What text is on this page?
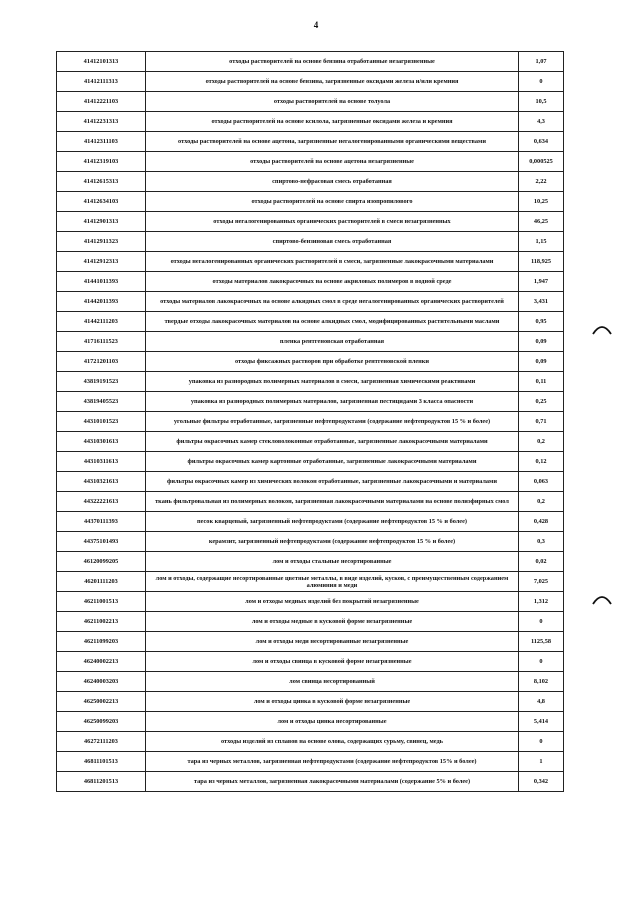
4
41412101313	отходы растворителей на основе бензина отработанные незагрязненные	1,07
41412111313	отходы растворителей на основе бензина, загрязненные оксидами железа и/или кремния	0
41412221103	отходы растворителей на основе толуола	10,5
41412231313	отходы растворителей на основе ксилола, загрязненные оксидами железа и кремния	4,3
41412311103	отходы растворителей на основе ацетона, загрязненные негалогенированными органическими веществами	0,634
41412319103	отходы растворителей на основе ацетона незагрязненные	0,000525
41412615313	спиртово-нефрасовая смесь отработанная	2,22
41412634103	отходы растворителей на основе спирта изопропилового	10,25
41412901313	отходы негалогенированных органических растворителей в смеси незагрязненных	46,25
41412911323	спиртово-бензиновая смесь отработанная	1,15
41412912313	отходы негалогенированных органических растворителей в смеси, загрязненные лакокрасочными материалами	118,925
41441011393	отходы материалов лакокрасочных на основе акриловых полимеров в водной среде	1,947
41442011393	отходы материалов лакокрасочных на основе алкидных смол в среде негалогенированных органических растворителей	3,431
41442111203	твердые отходы лакокрасочных материалов на основе алкидных смол, модифицированных растительными маслами	0,95
41716111523	пленка рентгеновская отработанная	0,09
41721201103	отходы фиксажных растворов при обработке рентгеновской пленки	0,09
43819191523	упаковка из разнородных полимерных материалов в смеси, загрязненная химическими реактивами	0,11
43819405523	упаковка из разнородных полимерных материалов, загрязненная пестицидами 3 класса опасности	0,25
44310101523	угольные фильтры отработанные, загрязненные нефтепродуктами (содержание нефтепродуктов 15 % и более)	0,71
44310301613	фильтры окрасочных камер стекловолоконные отработанные, загрязненные лакокрасочными материалами	0,2
44310311613	фильтры окрасочных камер картонные отработанные, загрязненные лакокрасочными материалами	0,12
44310321613	фильтры окрасочных камер из химических волокон отработанные, загрязненные лакокрасочными и материалами	0,063
44322221613	ткань фильтровальная из полимерных волокон, загрязненная лакокрасочными материалами на основе полиэфирных смол	0,2
44370111393	песок кварцевый, загрязненный нефтепродуктами (содержание нефтепродуктов 15 % и более)	0,428
44375101493	керамзит, загрязненный нефтепродуктами (содержание нефтепродуктов 15 % и более)	0,3
46120099205	лом и отходы стальные несортированные	0,02
46201111203	лом и отходы, содержащие несортированные цветные металлы, в виде изделий, кусков, с преимущественным содержанием алюминия и меди	7,025
46211001513	лом и отходы медных изделий без покрытий незагрязненные	1,312
46211002213	лом и отходы медные в кусковой форме незагрязненные	0
46211099203	лом и отходы меди несортированные незагрязненные	1125,58
46240002213	лом и отходы свинца в кусковой форме незагрязненные	0
46240003203	лом свинца несортированный	8,102
46250002213	лом и отходы цинка в кусковой форме незагрязненные	4,8
46250099203	лом и отходы цинка несортированные	5,414
46272111203	отходы изделий из сплавов на основе олова, содержащих сурьму, свинец, медь	0
46811101513	тара из черных металлов, загрязненная нефтепродуктами (содержание нефтепродуктов 15% и более)	1
46811201513	тара из черных металлов, загрязненная лакокрасочными материалами (содержание 5% и более)	0,342
